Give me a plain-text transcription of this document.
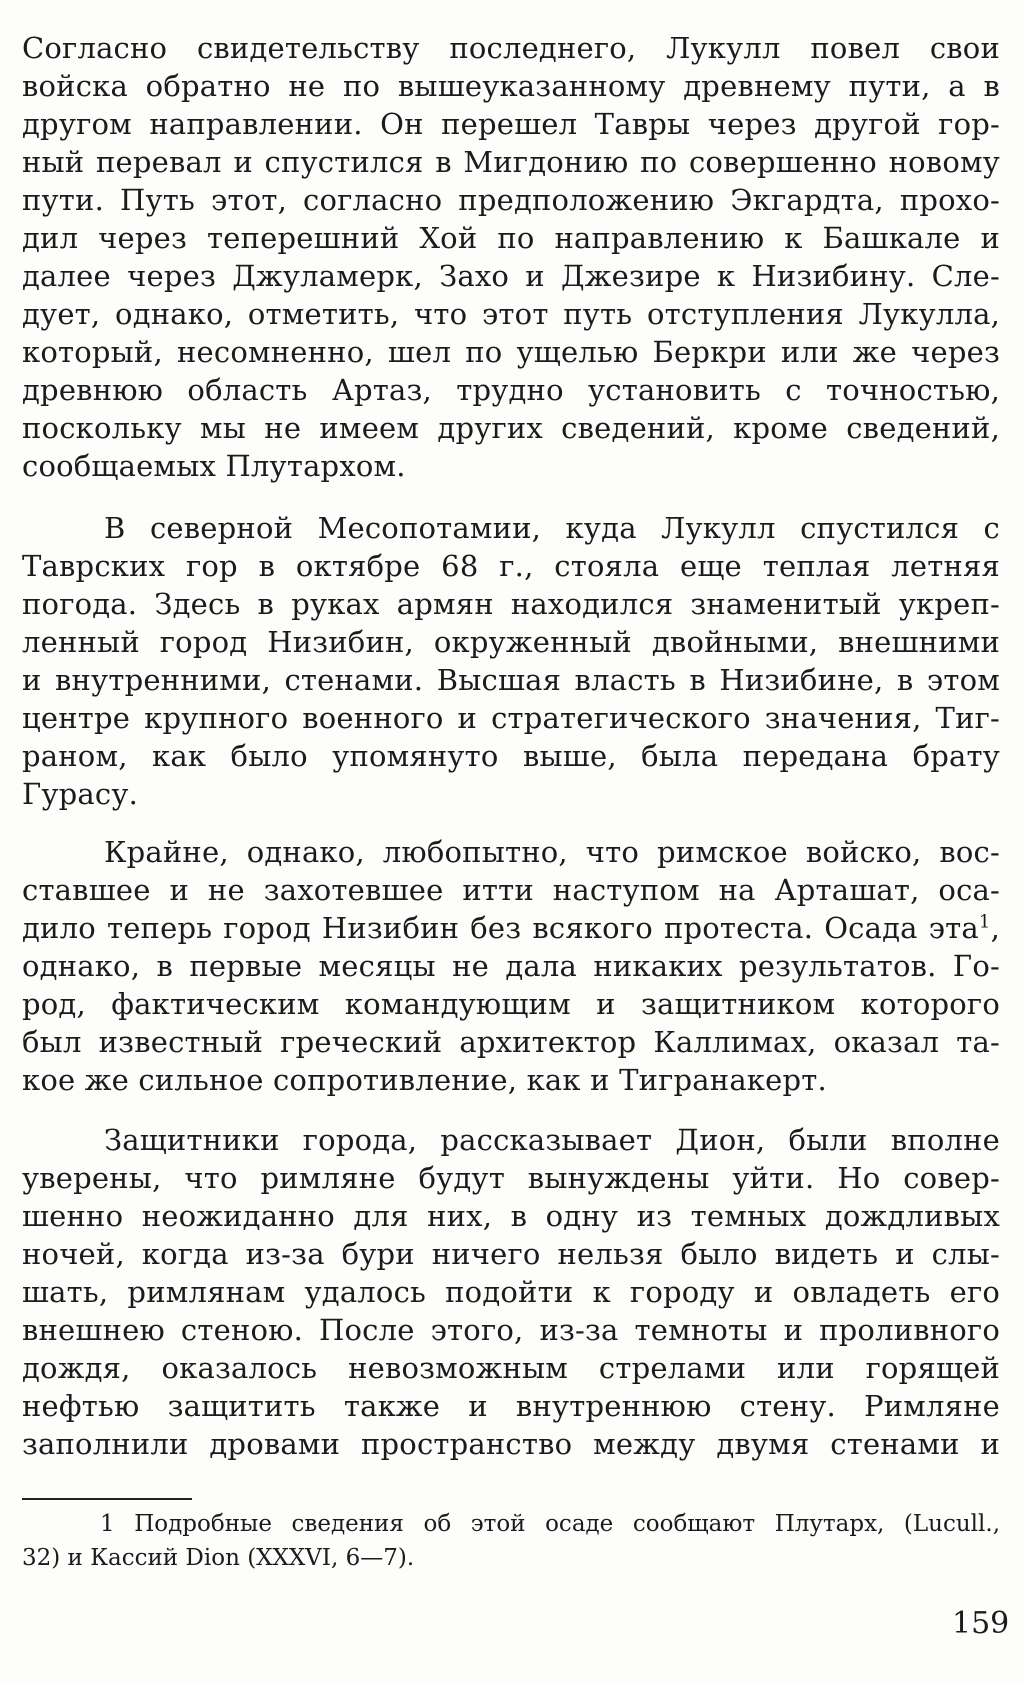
Согласно свидетельству последнего, Лукулл повел свои
войска обратно не по вышеуказанному древнему пути, а в
другом направлении. Он перешел Тавры через другой гор-
ный перевал и спустился в Мигдонию по совершенно новому
пути. Путь этот, согласно предположению Экгардта, прохо-
дил через теперешний Хой по направлению к Башкале и
далее через Джуламерк, Захо и Джезире к Низибину. Сле-
дует, однако, отметить, что этот путь отступления Лукулла,
который, несомненно, шел по ущелью Беркри или же через
древнюю область Артаз, трудно установить с точностью,
поскольку мы не имеем других сведений, кроме сведений,
сообщаемых Плутархом.
В северной Месопотамии, куда Лукулл спустился с
Таврских гор в октябре 68 г., стояла еще теплая летняя
погода. Здесь в руках армян находился знаменитый укреп-
ленный город Низибин, окруженный двойными, внешними
и внутренними, стенами. Высшая власть в Низибине, в этом
центре крупного военного и стратегического значения, Тиг-
раном, как было упомянуто выше, была передана брату
Гурасу.
Крайне, однако, любопытно, что римское войско, вос-
ставшее и не захотевшее итти наступом на Арташат, оса-
дило теперь город Низибин без всякого протеста. Осада эта$^1$,
однако, в первые месяцы не дала никаких результатов. Го-
род, фактическим командующим и защитником которого
был известный греческий архитектор Каллимах, оказал та-
кое же сильное сопротивление, как и Тигранакерт.
Защитники города, рассказывает Дион, были вполне
уверены, что римляне будут вынуждены уйти. Но совер-
шенно неожиданно для них, в одну из темных дождливых
ночей, когда из-за бури ничего нельзя было видеть и слы-
шать, римлянам удалось подойти к городу и овладеть его
внешнею стеною. После этого, из-за темноты и проливного
дождя, оказалось невозможным стрелами или горящей
нефтью защитить также и внутреннюю стену. Римляне
заполнили дровами пространство между двумя стенами и
1 Подробные сведения об этой осаде сообщают Плутарх, (Lucull.,
32) и Кассий Dion (XXXVI, 6—7).
159
